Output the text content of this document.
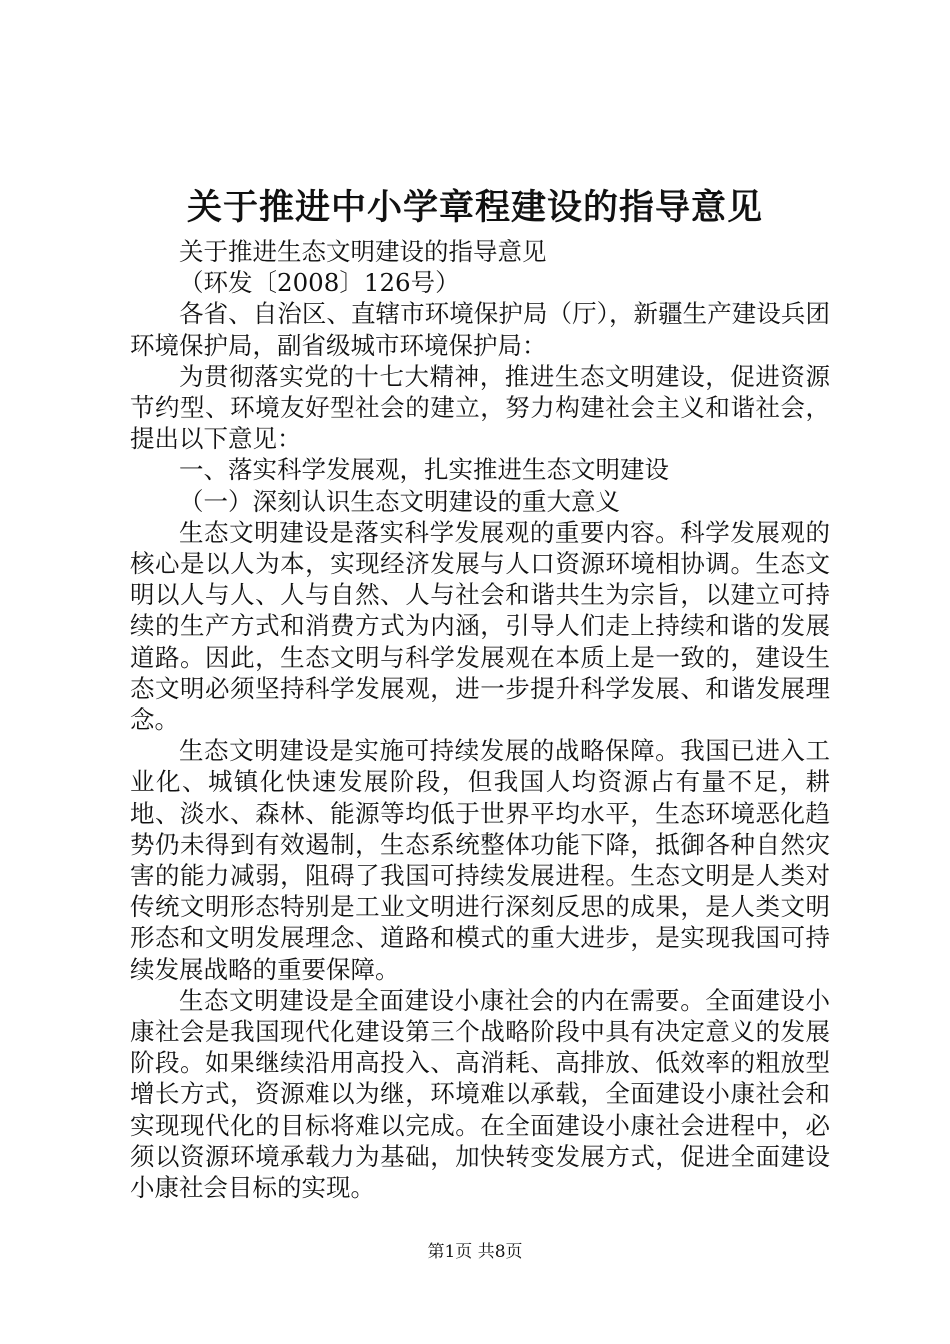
关于推进中小学章程建设的指导意见

关于推进生态文明建设的指导意见

（环发〔2008〕126号）

各省、自治区、直辖市环境保护局（厅），新疆生产建设兵团环境保护局，副省级城市环境保护局：

为贯彻落实党的十七大精神，推进生态文明建设，促进资源节约型、环境友好型社会的建立，努力构建社会主义和谐社会，提出以下意见：

一、落实科学发展观，扎实推进生态文明建设

（一）深刻认识生态文明建设的重大意义

生态文明建设是落实科学发展观的重要内容。科学发展观的核心是以人为本，实现经济发展与人口资源环境相协调。生态文明以人与人、人与自然、人与社会和谐共生为宗旨，以建立可持续的生产方式和消费方式为内涵，引导人们走上持续和谐的发展道路。因此，生态文明与科学发展观在本质上是一致的，建设生态文明必须坚持科学发展观，进一步提升科学发展、和谐发展理念。

生态文明建设是实施可持续发展的战略保障。我国已进入工业化、城镇化快速发展阶段，但我国人均资源占有量不足，耕地、淡水、森林、能源等均低于世界平均水平，生态环境恶化趋势仍未得到有效遏制，生态系统整体功能下降，抵御各种自然灾害的能力减弱，阻碍了我国可持续发展进程。生态文明是人类对传统文明形态特别是工业文明进行深刻反思的成果，是人类文明形态和文明发展理念、道路和模式的重大进步，是实现我国可持续发展战略的重要保障。

生态文明建设是全面建设小康社会的内在需要。全面建设小康社会是我国现代化建设第三个战略阶段中具有决定意义的发展阶段。如果继续沿用高投入、高消耗、高排放、低效率的粗放型增长方式，资源难以为继，环境难以承载，全面建设小康社会和实现现代化的目标将难以完成。在全面建设小康社会进程中，必须以资源环境承载力为基础，加快转变发展方式，促进全面建设小康社会目标的实现。

第1页 共8页
